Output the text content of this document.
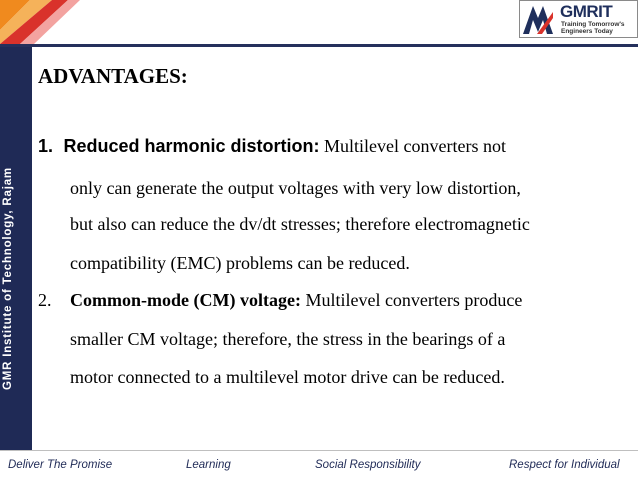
GMRIT
Training Tomorrow's
Engineers Today
GMR Institute of Technology, Rajam
ADVANTAGES:
1. Reduced harmonic distortion: Multilevel converters not
only can generate the output voltages with very low distortion,
but also can reduce the dv/dt stresses; therefore electromagnetic
compatibility (EMC) problems can be reduced.
2. Common-mode (CM) voltage: Multilevel converters produce
smaller CM voltage; therefore, the stress in the bearings of a
motor connected to a multilevel motor drive can be reduced.
Deliver The Promise	Learning	Social Responsibility	Respect for Individual
